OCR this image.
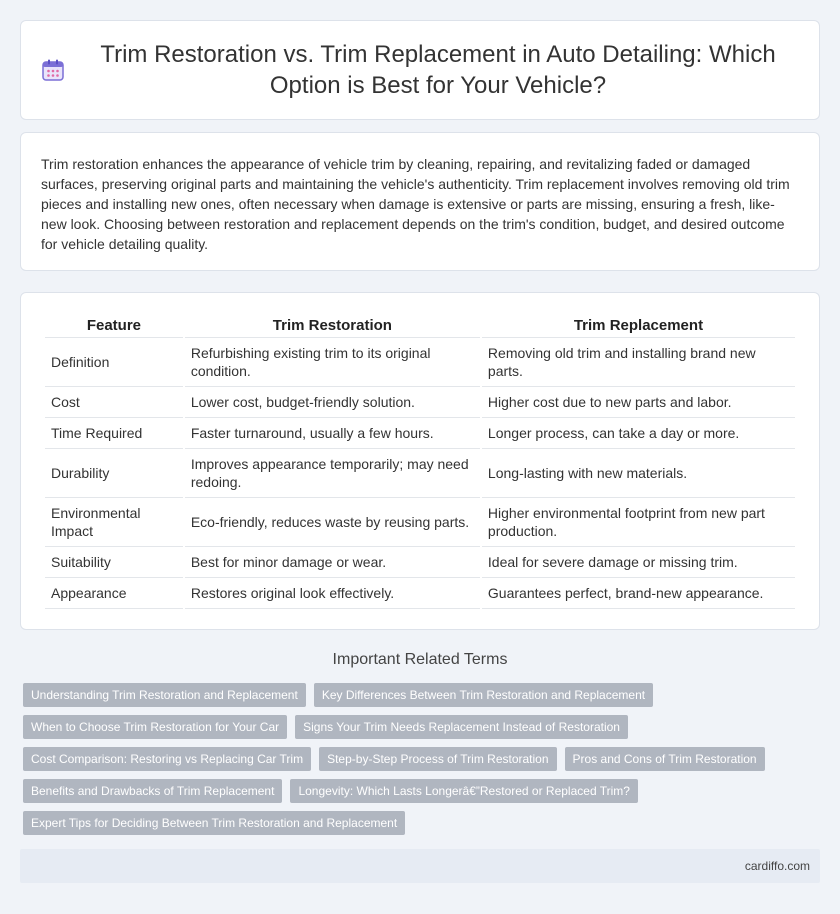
Trim Restoration vs. Trim Replacement in Auto Detailing: Which Option is Best for Your Vehicle?

Trim restoration enhances the appearance of vehicle trim by cleaning, repairing, and revitalizing faded or damaged surfaces, preserving original parts and maintaining the vehicle's authenticity. Trim replacement involves removing old trim pieces and installing new ones, often necessary when damage is extensive or parts are missing, ensuring a fresh, like-new look. Choosing between restoration and replacement depends on the trim's condition, budget, and desired outcome for vehicle detailing quality.

Feature	Trim Restoration	Trim Replacement
Definition	Refurbishing existing trim to its original condition.	Removing old trim and installing brand new parts.
Cost	Lower cost, budget-friendly solution.	Higher cost due to new parts and labor.
Time Required	Faster turnaround, usually a few hours.	Longer process, can take a day or more.
Durability	Improves appearance temporarily; may need redoing.	Long-lasting with new materials.
Environmental Impact	Eco-friendly, reduces waste by reusing parts.	Higher environmental footprint from new part production.
Suitability	Best for minor damage or wear.	Ideal for severe damage or missing trim.
Appearance	Restores original look effectively.	Guarantees perfect, brand-new appearance.
Important Related Terms
Understanding Trim Restoration and Replacement	Key Differences Between Trim Restoration and Replacement
When to Choose Trim Restoration for Your Car	Signs Your Trim Needs Replacement Instead of Restoration
Cost Comparison: Restoring vs Replacing Car Trim	Step-by-Step Process of Trim Restoration	Pros and Cons of Trim Restoration
Benefits and Drawbacks of Trim Replacement	Longevity: Which Lasts Longerâ€”Restored or Replaced Trim?
Expert Tips for Deciding Between Trim Restoration and Replacement
cardiffo.com
